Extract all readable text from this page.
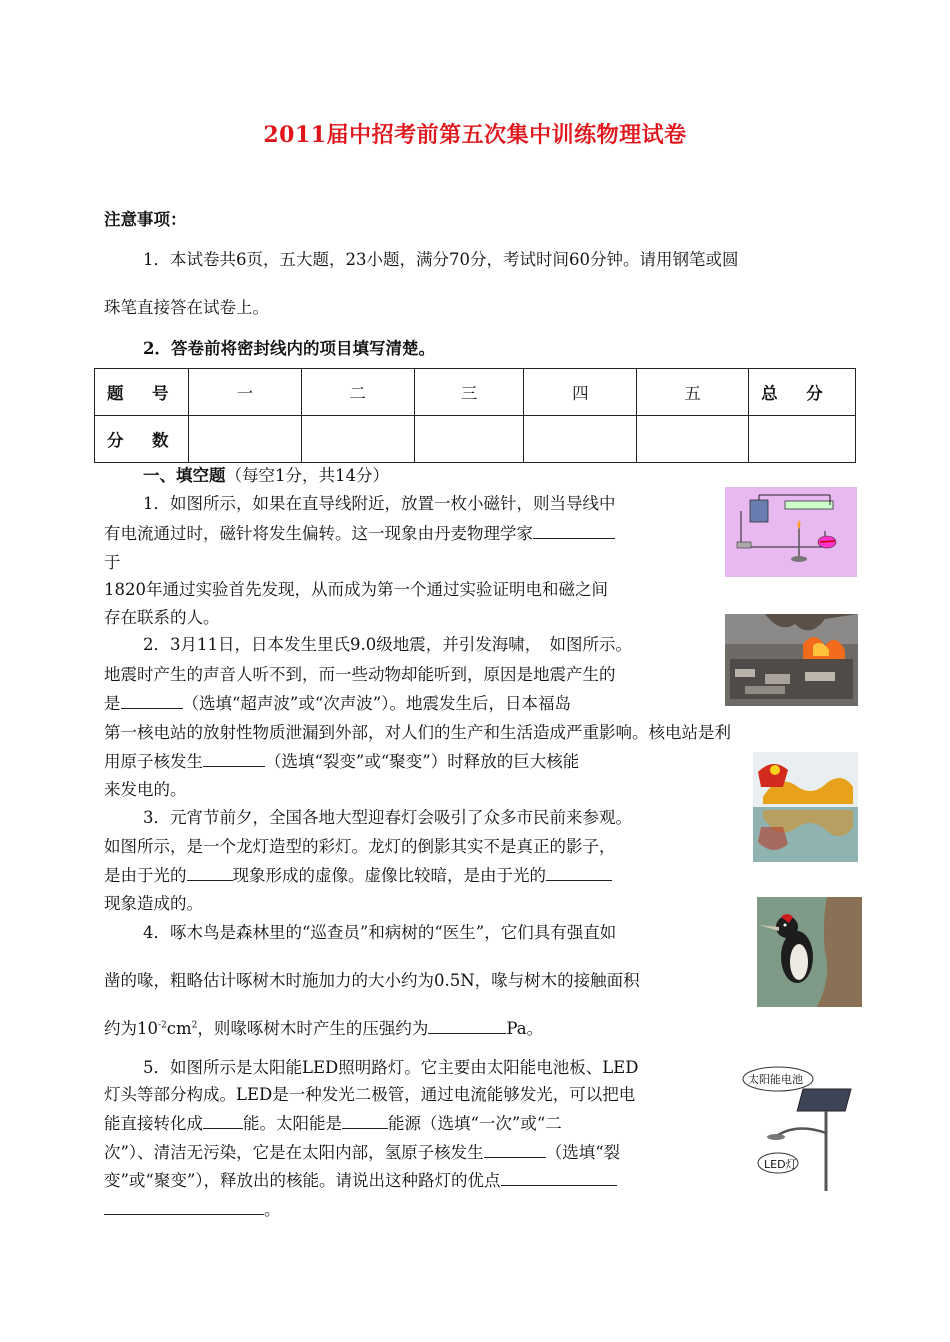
2011届中招考前第五次集中训练物理试卷
注意事项：
1．本试卷共6页，五大题，23小题，满分70分，考试时间60分钟。请用钢笔或圆
珠笔直接答在试卷上。
2．答卷前将密封线内的项目填写清楚。
题　号	一	二	三	四	五	总　分
分　数						
一、填空题（每空1分，共14分）
1．如图所示，如果在直导线附近，放置一枚小磁针，则当导线中
有电流通过时，磁针将发生偏转。这一现象由丹麦物理学家
于
1820年通过实验首先发现，从而成为第一个通过实验证明电和磁之间
存在联系的人。
2．3月11日，日本发生里氏9.0级地震，并引发海啸，　如图所示。
地震时产生的声音人听不到，而一些动物却能听到，原因是地震产生的
是	（选填“超声波”或“次声波”）。地震发生后，日本福岛
第一核电站的放射性物质泄漏到外部，对人们的生产和生活造成严重影响。核电站是利
用原子核发生	（选填“裂变”或“聚变”）时释放的巨大核能
来发电的。
3．元宵节前夕，全国各地大型迎春灯会吸引了众多市民前来参观。
如图所示，是一个龙灯造型的彩灯。龙灯的倒影其实不是真正的影子，
是由于光的	现象形成的虚像。虚像比较暗，是由于光的
现象造成的。
4．啄木鸟是森林里的“巡查员”和病树的“医生”，它们具有强直如
凿的喙，粗略估计啄树木时施加力的大小约为0.5N，喙与树木的接触面积
约为$10^{-2}cm^2$，则喙啄树木时产生的压强约为	Pa。
5．如图所示是太阳能LED照明路灯。它主要由太阳能电池板、LED
灯头等部分构成。LED是一种发光二极管，通过电流能够发光，可以把电
能直接转化成 能。太阳能是	能源（选填“一次”或“二
次”）、清洁无污染，它是在太阳内部，氢原子核发生	（选填“裂
变”或“聚变”），释放出的核能。请说出这种路灯的优点
。
太阳能电池
LED灯
